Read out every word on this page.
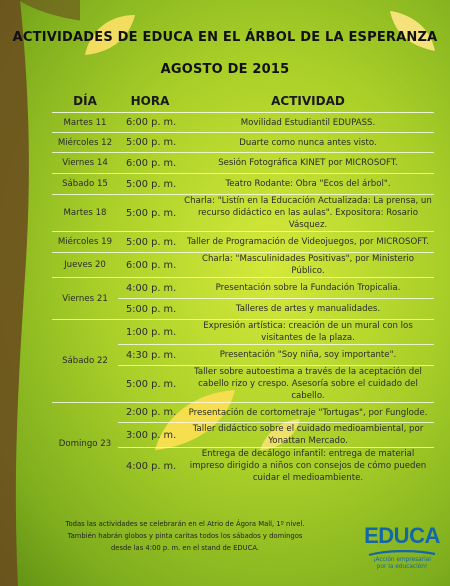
ACTIVIDADES DE EDUCA EN EL ÁRBOL DE LA ESPERANZA
AGOSTO DE 2015
DÍA	HORA	ACTIVIDAD
Martes 11	6:00 p. m.	Movilidad Estudiantil EDUPASS.
Miércoles 12	5:00 p. m.	Duarte como nunca antes visto.
Viernes 14	6:00 p. m.	Sesión Fotográfica KINET por MICROSOFT.
Sábado 15	5:00 p. m.	Teatro Rodante: Obra "Ecos del árbol".
Martes 18	5:00 p. m.	Charla: "Listín en la Educación Actualizada: La prensa, un recurso didáctico en las aulas". Expositora: Rosario Vásquez.
Miércoles 19	5:00 p. m.	Taller de Programación de Videojuegos, por MICROSOFT.
Jueves 20	6:00 p. m.	Charla: "Masculinidades Positivas", por Ministerio Público.
Viernes 21	4:00 p. m.	Presentación sobre la Fundación Tropicalia.
	5:00 p. m.	Talleres de artes y manualidades.
Sábado 22	1:00 p. m.	Expresión artística: creación de un mural con los visitantes de la plaza.
	4:30 p. m.	Presentación "Soy niña, soy importante".
	5:00 p. m.	Taller sobre autoestima a través de la aceptación del cabello rizo y crespo. Asesoría sobre el cuidado del cabello.
Domingo 23	2:00 p. m.	Presentación de cortometraje "Tortugas", por Funglode.
	3:00 p. m.	Taller didáctico sobre el cuidado medioambiental, por Yonattan Mercado.
	4:00 p. m.	Entrega de decálogo infantil: entrega de material impreso dirigido a niños con consejos de cómo pueden cuidar el medioambiente.
Todas las actividades se celebrarán en el Atrio de Ágora Mall, 1º nivel.
También habrán globos y pinta caritas todos los sábados y domingos
desde las 4:00 p. m. en el stand de EDUCA.	EDUCA
¡Acción empresarial
por la educación!
